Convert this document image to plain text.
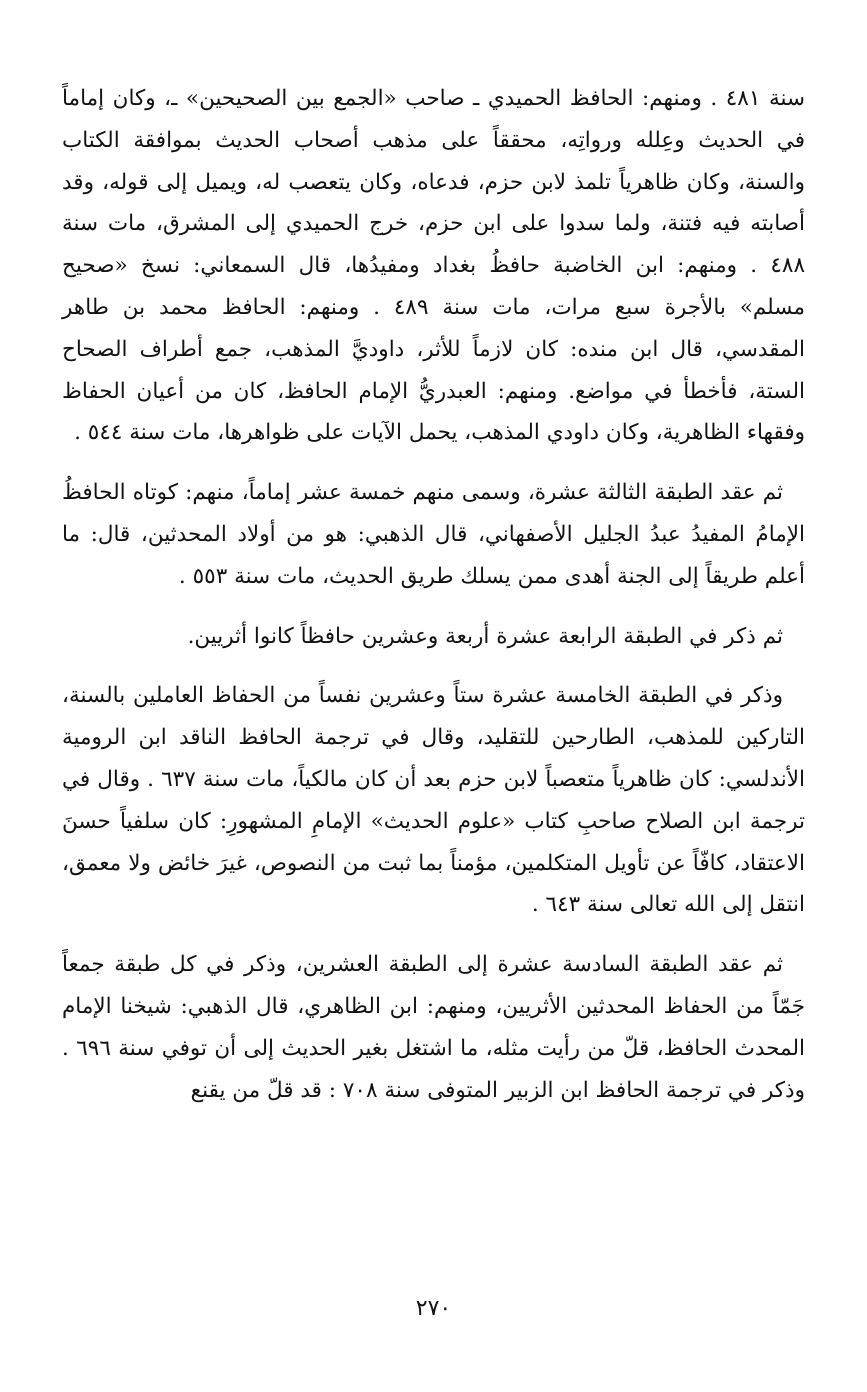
سنة ٤٨١ . ومنهم: الحافظ الحميدي ـ صاحب «الجمع بين الصحيحين» ـ، وكان إماماً في الحديث وعِلله ورواتِه، محققاً على مذهب أصحاب الحديث بموافقة الكتاب والسنة، وكان ظاهرياً تلمذ لابن حزم، فدعاه، وكان يتعصب له، ويميل إلى قوله، وقد أصابته فيه فتنة، ولما سدوا على ابن حزم، خرج الحميدي إلى المشرق، مات سنة ٤٨٨ . ومنهم: ابن الخاضبة حافظُ بغداد ومفيدُها، قال السمعاني: نسخ «صحيح مسلم» بالأجرة سبع مرات، مات سنة ٤٨٩ . ومنهم: الحافظ محمد بن طاهر المقدسي، قال ابن منده: كان لازماً للأثر، داوديَّ المذهب، جمع أطراف الصحاح الستة، فأخطأ في مواضع. ومنهم: العبدريُّ الإمام الحافظ، كان من أعيان الحفاظ وفقهاء الظاهرية، وكان داودي المذهب، يحمل الآيات على ظواهرها، مات سنة ٥٤٤ .

ثم عقد الطبقة الثالثة عشرة، وسمى منهم خمسة عشر إماماً، منهم: كوتاه الحافظُ الإمامُ المفيدُ عبدُ الجليل الأصفهاني، قال الذهبي: هو من أولاد المحدثين، قال: ما أعلم طريقاً إلى الجنة أهدى ممن يسلك طريق الحديث، مات سنة ٥٥٣ .

ثم ذكر في الطبقة الرابعة عشرة أربعة وعشرين حافظاً كانوا أثريين.

وذكر في الطبقة الخامسة عشرة ستاً وعشرين نفساً من الحفاظ العاملين بالسنة، التاركين للمذهب، الطارحين للتقليد، وقال في ترجمة الحافظ الناقد ابن الرومية الأندلسي: كان ظاهرياً متعصباً لابن حزم بعد أن كان مالكياً، مات سنة ٦٣٧ . وقال في ترجمة ابن الصلاح صاحبِ كتاب «علوم الحديث» الإمامِ المشهورِ: كان سلفياً حسنَ الاعتقاد، كافّاً عن تأويل المتكلمين، مؤمناً بما ثبت من النصوص، غيرَ خائض ولا معمق، انتقل إلى الله تعالى سنة ٦٤٣ .

ثم عقد الطبقة السادسة عشرة إلى الطبقة العشرين، وذكر في كل طبقة جمعاً جَمّاً من الحفاظ المحدثين الأثريين، ومنهم: ابن الظاهري، قال الذهبي: شيخنا الإمام المحدث الحافظ، قلّ من رأيت مثله، ما اشتغل بغير الحديث إلى أن توفي سنة ٦٩٦ . وذكر في ترجمة الحافظ ابن الزبير المتوفى سنة ٧٠٨ : قد قلّ من يقنع

٢٧٠
